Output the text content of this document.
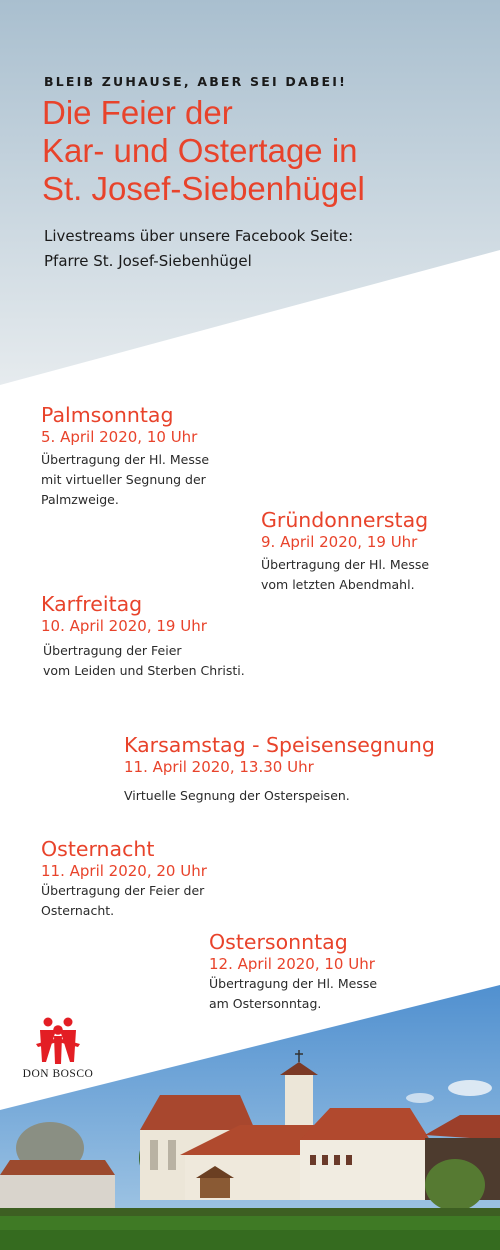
BLEIB ZUHAUSE, ABER SEI DABEI!
Die Feier der
Kar- und Ostertage in
St. Josef-Siebenhügel
Livestreams über unsere Facebook Seite:
Pfarre St. Josef-Siebenhügel
Palmsonntag
5. April 2020, 10 Uhr
Übertragung der Hl. Messe
mit virtueller Segnung der
Palmzweige.
Gründonnerstag
9. April 2020, 19 Uhr
Übertragung der Hl. Messe
vom letzten Abendmahl.
Karfreitag
10. April 2020, 19 Uhr
Übertragung der Feier
vom Leiden und Sterben Christi.
Karsamstag - Speisensegnung
11. April 2020, 13.30 Uhr
Virtuelle Segnung der Osterspeisen.
Osternacht
11. April 2020, 20 Uhr
Übertragung der Feier der
Osternacht.
Ostersonntag
12. April 2020, 10 Uhr
Übertragung der Hl. Messe
am Ostersonntag.
DON BOSCO
